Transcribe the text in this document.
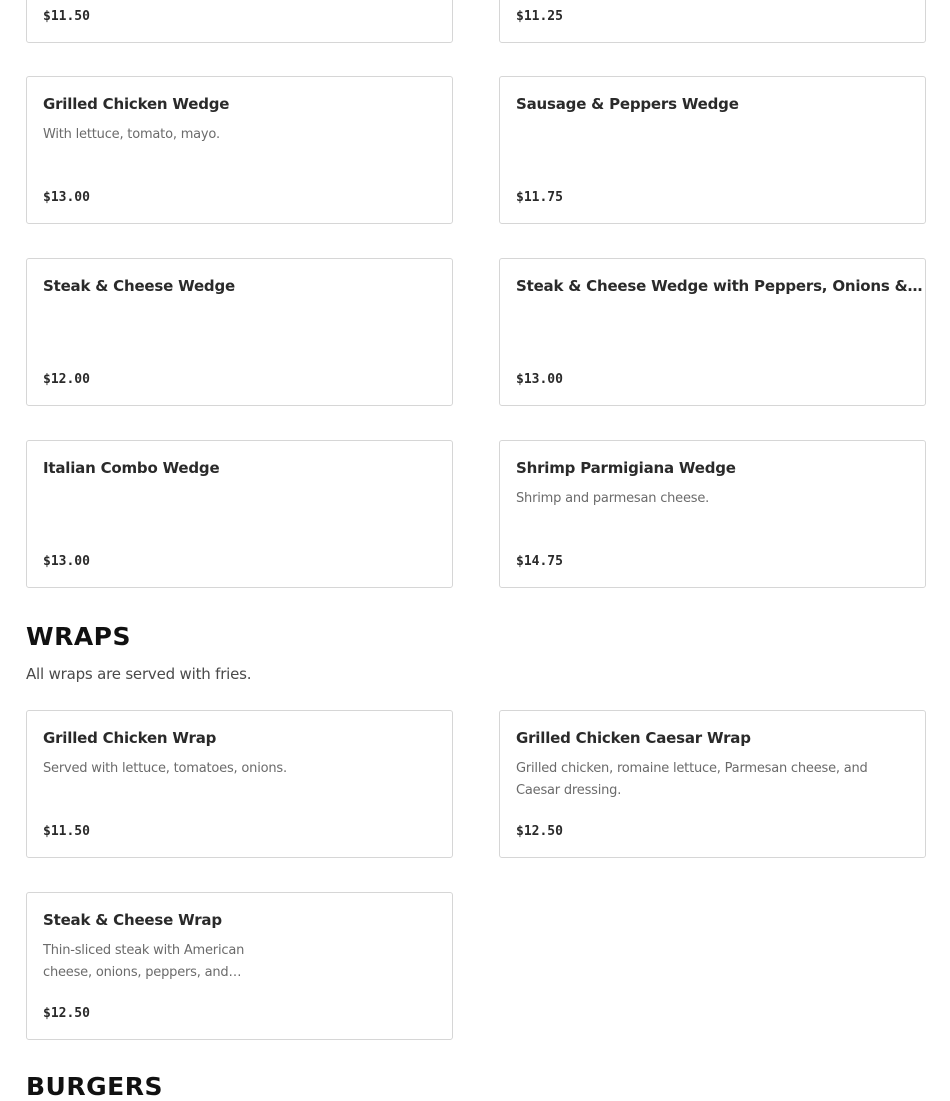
$11.50	$11.25
Grilled Chicken Wedge
With lettuce, tomato, mayo.
$13.00
Sausage & Peppers Wedge
$11.75
Steak & Cheese Wedge
$12.00
Steak & Cheese Wedge with Peppers, Onions &…
$13.00
Italian Combo Wedge
$13.00
Shrimp Parmigiana Wedge
Shrimp and parmesan cheese.
$14.75
WRAPS
All wraps are served with fries.
Grilled Chicken Wrap
Served with lettuce, tomatoes, onions.
$11.50
Grilled Chicken Caesar Wrap
Grilled chicken, romaine lettuce, Parmesan cheese, and Caesar dressing.
$12.50
Steak & Cheese Wrap
Thin-sliced steak with American cheese, onions, peppers, and…
$12.50
BURGERS
